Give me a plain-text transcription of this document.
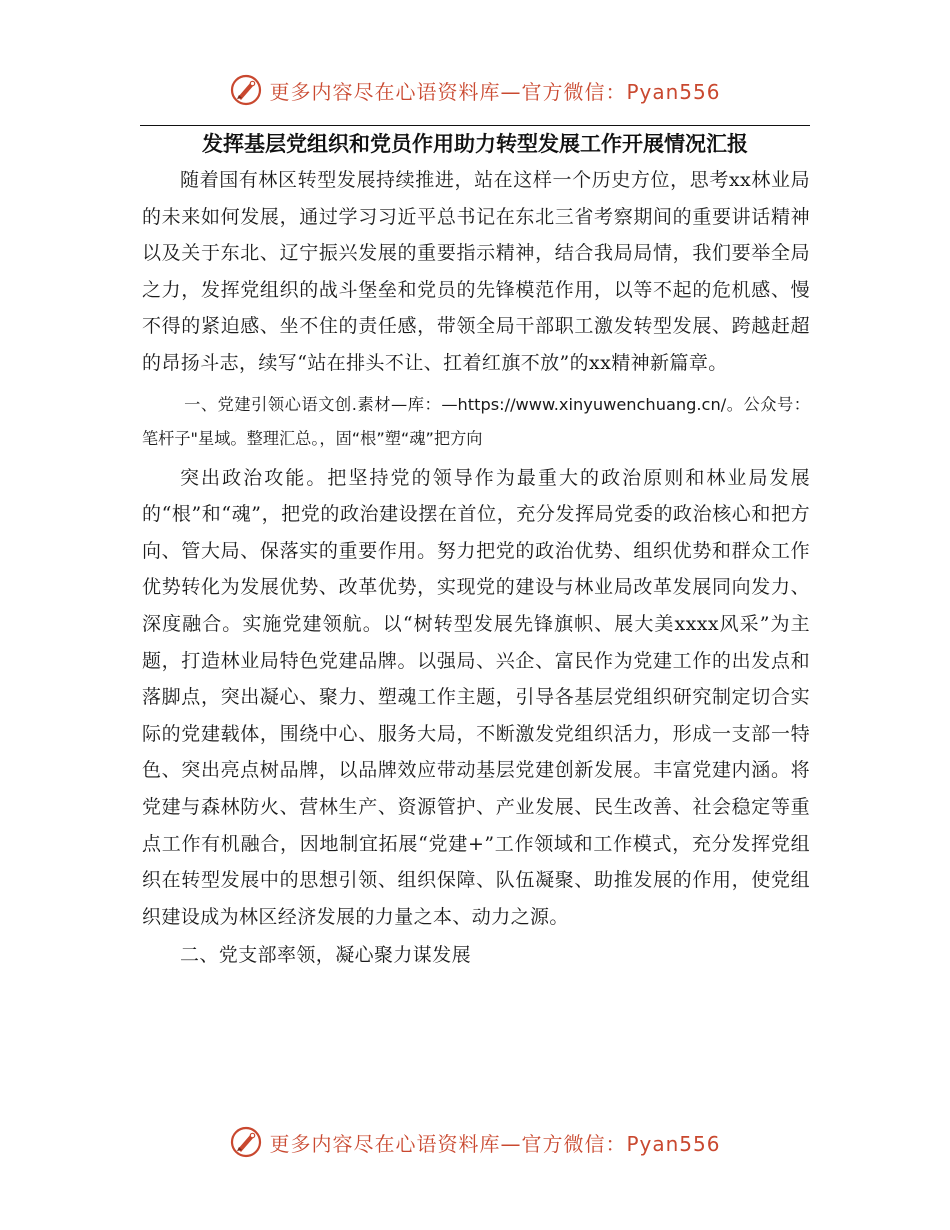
更多内容尽在心语资料库—官方微信：Pyan556
发挥基层党组织和党员作用助力转型发展工作开展情况汇报

随着国有林区转型发展持续推进，站在这样一个历史方位，思考xx林业局的未来如何发展，通过学习习近平总书记在东北三省考察期间的重要讲话精神以及关于东北、辽宁振兴发展的重要指示精神，结合我局局情，我们要举全局之力，发挥党组织的战斗堡垒和党员的先锋模范作用，以等不起的危机感、慢不得的紧迫感、坐不住的责任感，带领全局干部职工激发转型发展、跨越赶超的昂扬斗志，续写“站在排头不让、扛着红旗不放”的xx精神新篇章。

一、党建引领心语文创.素材—库：—https://www.xinyuwenchuang.cn/。公众号：笔杆子"星域。整理汇总。，固“根”塑“魂”把方向

突出政治攻能。把坚持党的领导作为最重大的政治原则和林业局发展的“根”和“魂”，把党的政治建设摆在首位，充分发挥局党委的政治核心和把方向、管大局、保落实的重要作用。努力把党的政治优势、组织优势和群众工作优势转化为发展优势、改革优势，实现党的建设与林业局改革发展同向发力、深度融合。实施党建领航。以“树转型发展先锋旗帜、展大美xxxx风采”为主题，打造林业局特色党建品牌。以强局、兴企、富民作为党建工作的出发点和落脚点，突出凝心、聚力、塑魂工作主题，引导各基层党组织研究制定切合实际的党建载体，围绕中心、服务大局，不断激发党组织活力，形成一支部一特色、突出亮点树品牌，以品牌效应带动基层党建创新发展。丰富党建内涵。将党建与森林防火、营林生产、资源管护、产业发展、民生改善、社会稳定等重点工作有机融合，因地制宜拓展“党建+”工作领域和工作模式，充分发挥党组织在转型发展中的思想引领、组织保障、队伍凝聚、助推发展的作用，使党组织建设成为林区经济发展的力量之本、动力之源。

二、党支部率领，凝心聚力谋发展

更多内容尽在心语资料库—官方微信：Pyan556
